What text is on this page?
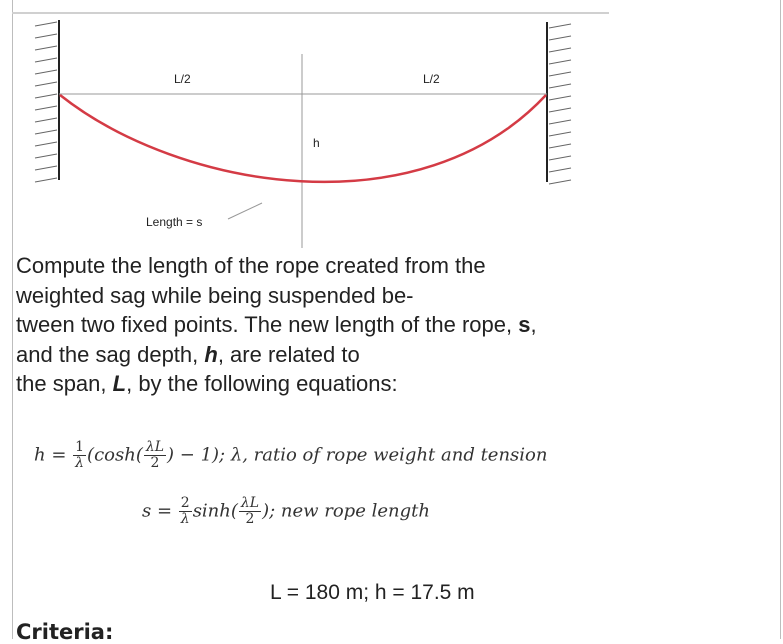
L/2	L/2
h
Length = s
Compute the length of the rope created from the
weighted sag while being suspended be-
tween two fixed points. The new length of the rope, s,
and the sag depth, h, are related to
the span, L, by the following equations:
$h = \frac{1}{\lambda} (\cosh( \frac{\lambda L}{2}$ ) − 1); λ, ratio of rope weight and tension
$s = \frac{2}{\lambda} \sinh( \frac{\lambda L}{2}$ ); new rope length
L = 180 m; h = 17.5 m
Criteria:
